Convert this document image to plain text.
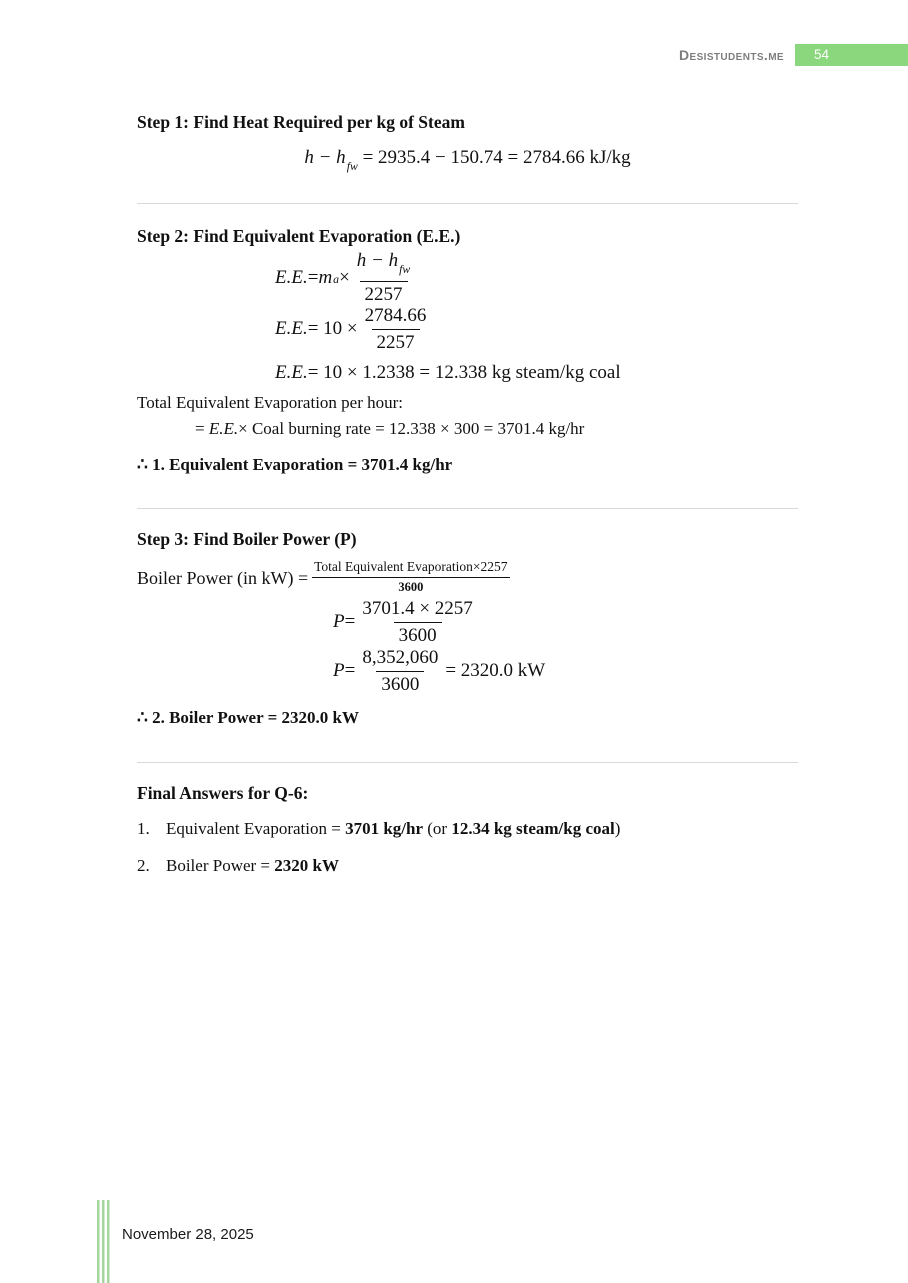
Desistudents.me	54
Step 1: Find Heat Required per kg of Steam
$h - h_{fw} = 2935.4 - 150.74 = 2784.66$ kJ/kg
Step 2: Find Equivalent Evaporation (E.E.)
E.E. = $m_a \times \frac{h - h_{fw}}{2257}$
E.E. = $10 \times \frac{2784.66}{2257}$
E.E.= 10 × 1.2338 = 12.338 kg steam/kg coal
Total Equivalent Evaporation per hour:
= E.E.× Coal burning rate = 12.338 × 300 = 3701.4 kg/hr
∴ 1. Equivalent Evaporation = 3701.4 kg/hr
Step 3: Find Boiler Power (P)
Boiler Power (in kW) =
Total Equivalent Evaporation×2257
3600
$P = \frac{3701.4 \times 2257}{3600}$
$P = \frac{8,352,060}{3600} = 2320.0$ kW
∴ 2. Boiler Power = 2320.0 kW
Final Answers for Q-6:
1. Equivalent Evaporation = 3701 kg/hr (or 12.34 kg steam/kg coal)
2. Boiler Power = 2320 kW
November 28, 2025
